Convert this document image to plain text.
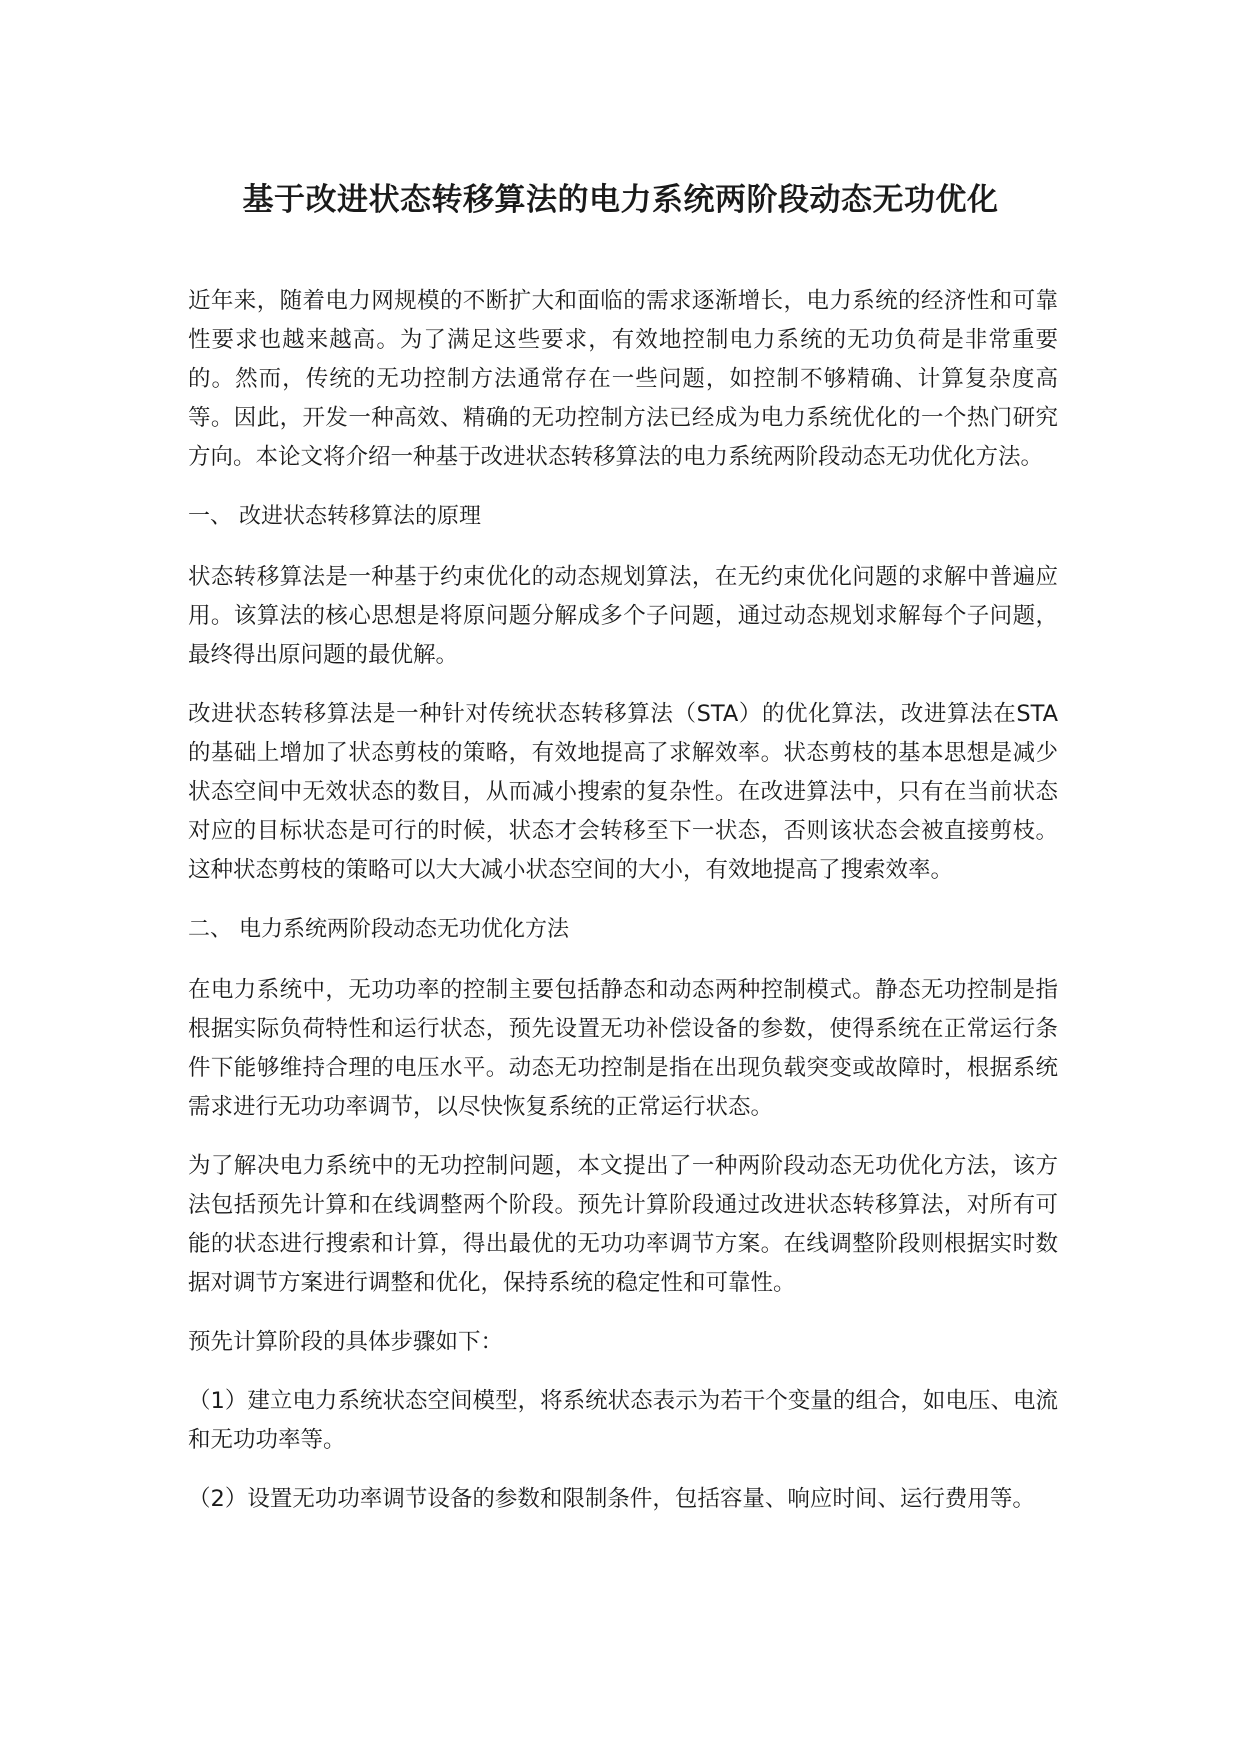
基于改进状态转移算法的电力系统两阶段动态无功优化

近年来，随着电力网规模的不断扩大和面临的需求逐渐增长，电力系统的经济性和可靠性要求也越来越高。为了满足这些要求，有效地控制电力系统的无功负荷是非常重要的。然而，传统的无功控制方法通常存在一些问题，如控制不够精确、计算复杂度高等。因此，开发一种高效、精确的无功控制方法已经成为电力系统优化的一个热门研究方向。本论文将介绍一种基于改进状态转移算法的电力系统两阶段动态无功优化方法。

一、 改进状态转移算法的原理

状态转移算法是一种基于约束优化的动态规划算法，在无约束优化问题的求解中普遍应用。该算法的核心思想是将原问题分解成多个子问题，通过动态规划求解每个子问题，最终得出原问题的最优解。

改进状态转移算法是一种针对传统状态转移算法（STA）的优化算法，改进算法在STA的基础上增加了状态剪枝的策略，有效地提高了求解效率。状态剪枝的基本思想是减少状态空间中无效状态的数目，从而减小搜索的复杂性。在改进算法中，只有在当前状态对应的目标状态是可行的时候，状态才会转移至下一状态，否则该状态会被直接剪枝。这种状态剪枝的策略可以大大减小状态空间的大小，有效地提高了搜索效率。

二、 电力系统两阶段动态无功优化方法

在电力系统中，无功功率的控制主要包括静态和动态两种控制模式。静态无功控制是指根据实际负荷特性和运行状态，预先设置无功补偿设备的参数，使得系统在正常运行条件下能够维持合理的电压水平。动态无功控制是指在出现负载突变或故障时，根据系统需求进行无功功率调节，以尽快恢复系统的正常运行状态。

为了解决电力系统中的无功控制问题，本文提出了一种两阶段动态无功优化方法，该方法包括预先计算和在线调整两个阶段。预先计算阶段通过改进状态转移算法，对所有可能的状态进行搜索和计算，得出最优的无功功率调节方案。在线调整阶段则根据实时数据对调节方案进行调整和优化，保持系统的稳定性和可靠性。

预先计算阶段的具体步骤如下：

（1）建立电力系统状态空间模型，将系统状态表示为若干个变量的组合，如电压、电流和无功功率等。

（2）设置无功功率调节设备的参数和限制条件，包括容量、响应时间、运行费用等。
